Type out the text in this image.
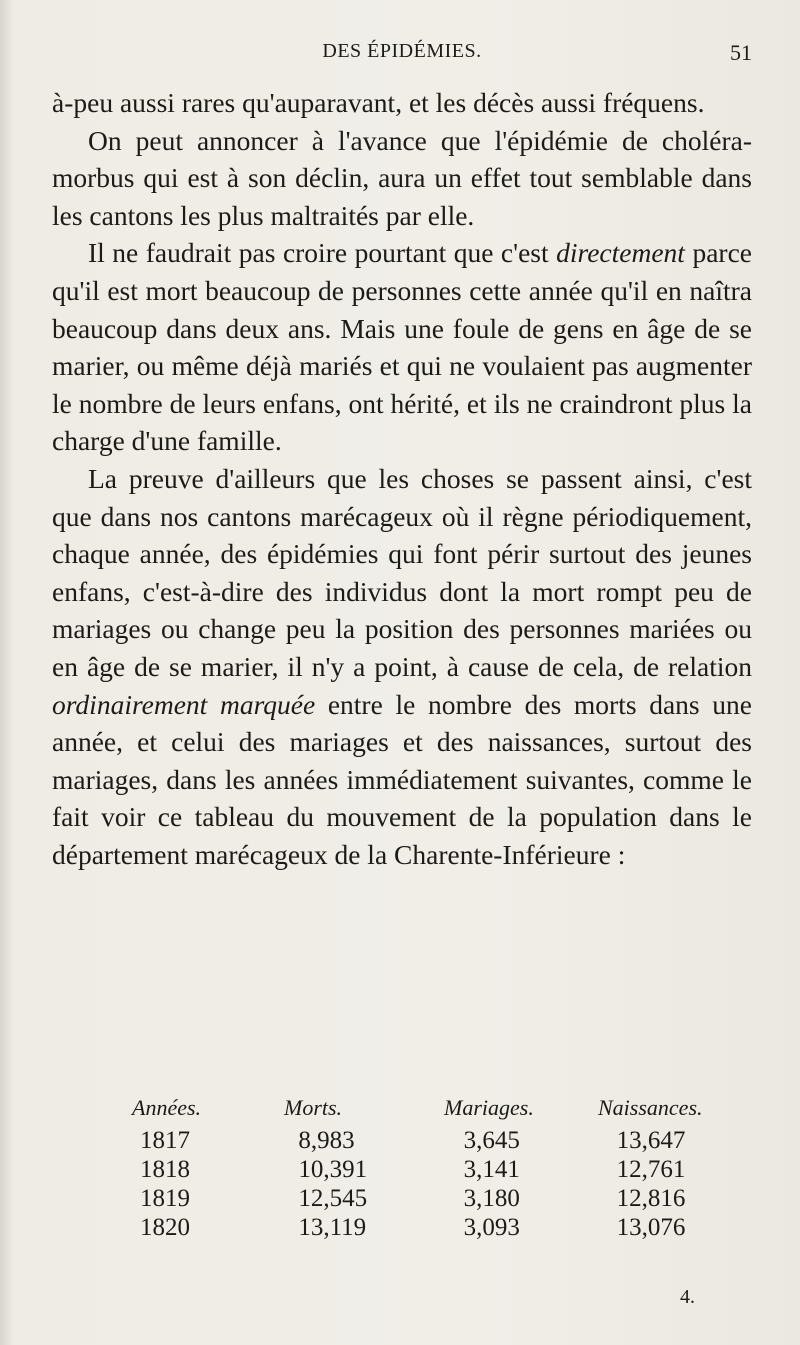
DES ÉPIDÉMIES.	51

à-peu aussi rares qu'auparavant, et les décès aussi fréquens.

On peut annoncer à l'avance que l'épidémie de choléra-morbus qui est à son déclin, aura un effet tout semblable dans les cantons les plus maltraités par elle.

Il ne faudrait pas croire pourtant que c'est directement parce qu'il est mort beaucoup de personnes cette année qu'il en naîtra beaucoup dans deux ans. Mais une foule de gens en âge de se marier, ou même déjà mariés et qui ne voulaient pas augmenter le nombre de leurs enfans, ont hérité, et ils ne craindront plus la charge d'une famille.

La preuve d'ailleurs que les choses se passent ainsi, c'est que dans nos cantons marécageux où il règne périodiquement, chaque année, des épidémies qui font périr surtout des jeunes enfans, c'est-à-dire des individus dont la mort rompt peu de mariages ou change peu la position des personnes mariées ou en âge de se marier, il n'y a point, à cause de cela, de relation ordinairement marquée entre le nombre des morts dans une année, et celui des mariages et des naissances, surtout des mariages, dans les années immédiatement suivantes, comme le fait voir ce tableau du mouvement de la population dans le département marécageux de la Charente-Inférieure :

Années.	Morts.	Mariages.	Naissances.
1817	8,983	3,645	13,647
1818	10,391	3,141	12,761
1819	12,545	3,180	12,816
1820	13,119	3,093	13,076
4.
